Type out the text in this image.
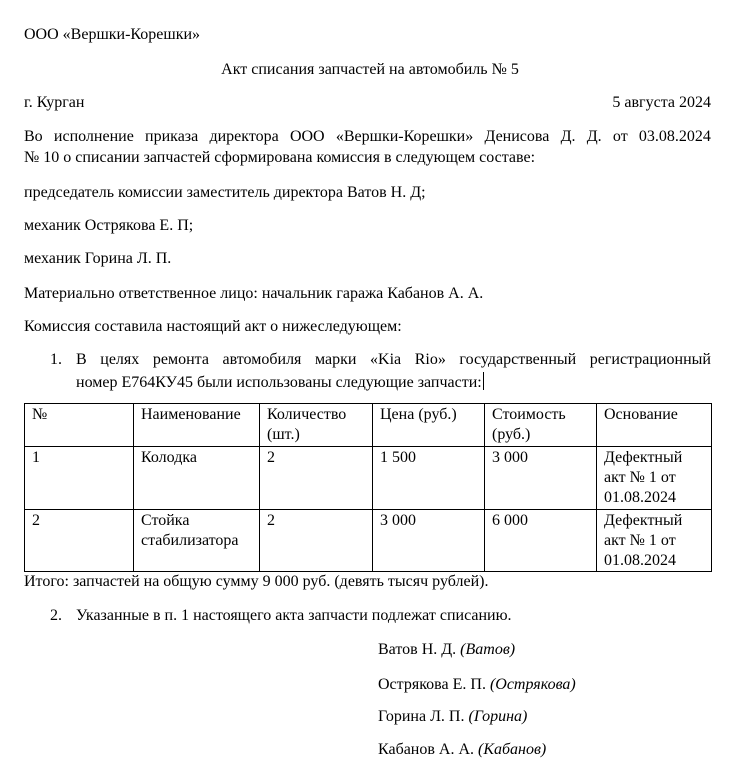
ООО «Вершки-Корешки»

Акт списания запчастей на автомобиль № 5

г. Курган	5 августа 2024

Во исполнение приказа директора ООО «Вершки-Корешки» Денисова Д. Д. от 03.08.2024

№ 10 о списании запчастей сформирована комиссия в следующем составе:

председатель комиссии заместитель директора Ватов Н. Д;

механик Острякова Е. П;

механик Горина Л. П.

Материально ответственное лицо: начальник гаража Кабанов А. А.

Комиссия составила настоящий акт о нижеследующем:

1. В целях ремонта автомобиля марки «Kia Rio» государственный регистрационный

номер Е764КУ45 были использованы следующие запчасти:

№	Наименование	Количество (шт.)	Цена (руб.)	Стоимость (руб.)	Основание
1	Колодка	2	1 500	3 000	Дефектный акт № 1 от 01.08.2024
2	Стойка стабилизатора	2	3 000	6 000	Дефектный акт № 1 от 01.08.2024

Итого: запчастей на общую сумму 9 000 руб. (девять тысяч рублей).

2. Указанные в п. 1 настоящего акта запчасти подлежат списанию.

Ватов Н. Д. (Ватов)

Острякова Е. П. (Острякова)

Горина Л. П. (Горина)

Кабанов А. А. (Кабанов)
